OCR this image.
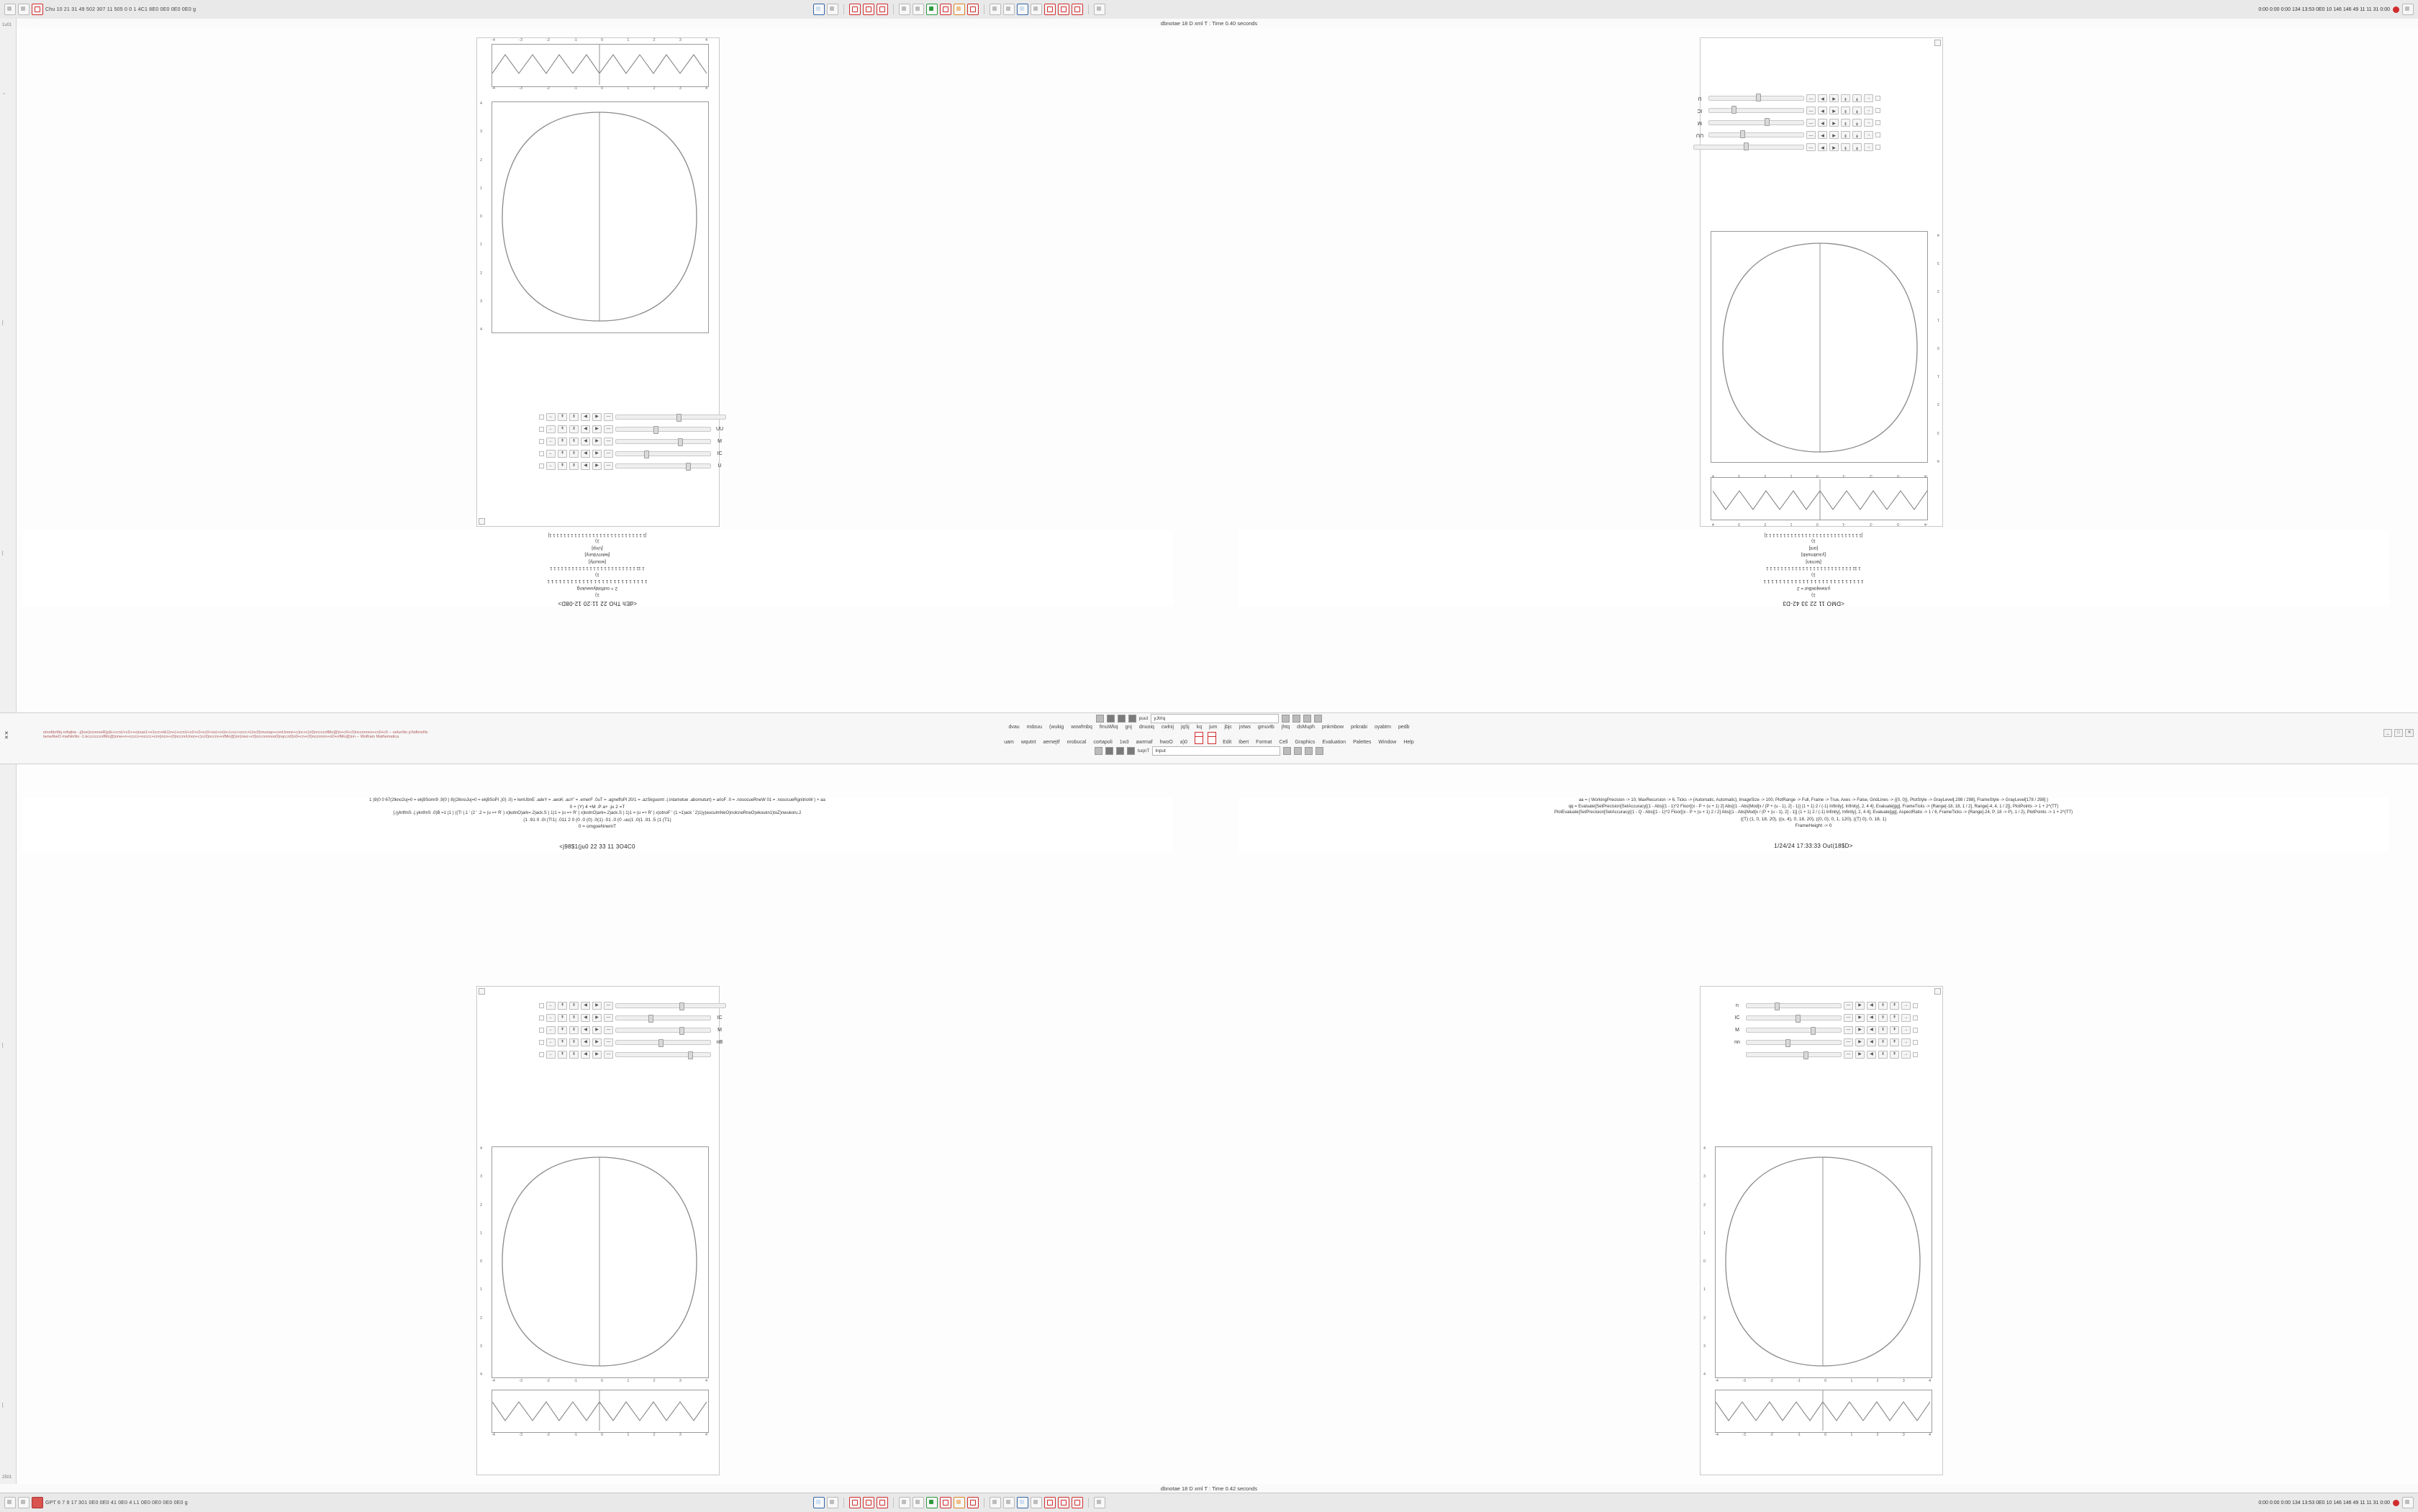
Chu 10 21 31 49 502 307 11 505 0 0 1 4C1 8E0 0E0 0E0 0E0 g	0:00 0:00 0:00 134 13:53 0E0 10 146 146 49 11 11 31 0:00
dbnotae 18 D xml T : Time 0.40 seconds
1u01
⌄
[
[
[
[
2501
-4	-3	-2	-1	0	1	2	3	4
-4	-3	-2	-1	0	1	2	3	4
4
3
2
1
0
1
2
3
4
←	⇞	⇟	◀	▶	—
←	⇞	⇟	◀	▶	—	UU
←	⇞	⇟	◀	▶	—	M
←	⇞	⇟	◀	▶	—	IC
←	⇞	⇟	◀	▶	—	U
-4
-3
-2
-1
0
1
2
3
4
-4
-3
-2
-1
0
1
2
3
4
4
3
2
1
0
1
2
3
4
←
⇞
⇟
◀
▶
—
←
⇞
⇟
◀
▶
—
UU
←
⇞
⇟
◀
▶
—
M
←
⇞
⇟
◀
▶
—
IC
←
⇞
⇟
◀
▶
—
U
<dEh ThO 22 11:20 12-08D>
1)
2 + outfoldyuwukng
1 1 1 1 1 1 1 1 1 1 1 1 1 1 1 1 1 1 1 1 1 1 1 1 1 1
1)
1 11 1 1 1 1 1 1 1 1 1 1 1 1 1 1 1 1 1 1 1 1 1 1 1 1
[wounty]
[lwknVduny]
[Unp]
1)
[1 1 1 1 1 1 1 1 1 1 1 1 1 1 1 1 1 1 1 1 1 1 1 1 1 1 1]
<DMO 11 22 33 42-D3
1)
y.kwwjokBut = 2
1 1 1 1 1 1 1 1 1 1 1 1 1 1 1 1 1 1 1 1 1 1 1 1 1 1
1)
1 11 1 1 1 1 1 1 1 1 1 1 1 1 1 1 1 1 1 1 1 1 1 1 1 1
[termin]
[y.kutlmukb]
[ont]
1)
[1 1 1 1 1 1 1 1 1 1 1 1 1 1 1 1 1 1 1 1 1 1 1 1 1 1 1]
puut	yJtrIq
dvau mdouu (wukig wowfmbq fmuWkq gnj dnuoiq cwlnij jqSj kq jum jbjc jntws gmuvtb jhtq dsMuph pnkmbow pnkrabi oyabtm pedb
✕	otnofdoMq orfwjbw -.j(koo)ccnnoeR)p)k+ccnU+c0++o)nuw1+n1ccn+kk1)n+(+ccnU+c0+c0+cc0+oo)+cn)n+(+cc+cncc+Unc0)nnunqo+cnnUnonn+c)nc+c)c0)nccccnfMo@)n+c0+c0)nccnnnno+cn0+c0 -- oeIunNo jcNdhnoNc	_	□	✕
✕	twnwNwO mwNmNn -1.kcccccccnfMo@)nnw+n+ccccc+ncccc+cnn)ncn+c0)nccnnUnon+c)cc0)nccnn+nfMo@)nn)nwc+c0)nccnnnnoo0)nqccn0)n0+cn+c0)nccnnnn+oO+nfMo@)nn -- Wolfram Mathematica
uam wqutnt aemejtf nrobucal cortapoli 1w3 awrmaf hwoO a)0	Edit Ibert Format Cell Graphics Evaluation Palettes Window Help
tuqnT	Input
1 )9(0 0 67(2lkno2uj=0 = ekj9Somr9 ,9(0 ) 8)(2lknoJuj=0 = ekj9SoPl ,)0) .0) = lwnUbnE .adeY = .aeoK .auY' = .emerF .0uT = .agneffoPl 20/1 = .azSkguomt .(.intamotue .abomuturt) = arioF .0 = .nosocueRneW 01 = .nosocueRgnitrioW ) + aa
0 + (Y) 4 +M .P a+ .ju 2 =T
[.(ylntfmS .(.yknfmS .0)B =1 (1 ) ((T! (.1 ' (2 ' .2 = (u =+ R' ) x)kotnO)ark=.2)ack.S ) 1)1 = (u =+ R' ) x)kotnO)ark=.2)ack.S ) 1)1 = (u =+ R' ) x)otnoF ' (1 =1)ack ' 2)1)y)euculmNeO)nolcneRneO)ekoukn1)toZ)nwukoru.2
(1 .91 0 .0l (T!1) .011 2 0 (0 .0 (0) .0(1) .01 .0 (0 .uu(1 .0(1 .91 .5 (1 (T1)
0 = omgoeNnemT
<j98$1(ju0 22 33 11 3O4C0
aa = ( WorkingPrecision -> 10, MaxRecursion -> 6, Ticks -> {Automatic, Automatic}, ImageSize -> 100, PlotRange -> Full, Frame -> True, Axes -> False, GridLines -> {{0, 0}}, PlotStyle -> GrayLevel[.298 / 298], FrameStyle -> GrayLevel[178 / 298] )
qq = Evaluate[SetPrecision[SetAccuracy[(1 - Abs[(1 - 1)^2 Floor[(x - P + (u + 1) 2] Abs[(1 - Abs[Mod[x / (P + (u - 1), 2] - 1)] (1 + 1) 2 / (-1) Infinity], Infinity], 2, 4 4], Evaluate[gg], FrameTicks -> {Range[-18, 18, 1 / 2], Range[-4, 4, 1 / 2]}, PlotPoints -> 1 + 2^(TT)
PlotEvaluate[SetPrecision[SetAccuracy[(1 - Q - Abs[(1 - 1)^2 Floor[(x - P + (u + 1) 2 / 2] Abs[(1 - Abs[Mod[x / (P + (u - 1), 2] - 1)] (1 + 1) 2 / (-1) Infinity], Infinity], 2, 4 4], Evaluate[gg], AspectRatio -> 1 / 6, FrameTicks -> {Range[-24, P, 18 -> P), 1 / 2}, PlotPoints -> 1 + 2^(TT)
{(T) (1, 0, 18, 20), ((u, 4), 0, 18, 20), ((0, 0), 0, 1, 120), ((T) 0), 0, 18, 1)
FrameHeight -> 0
1/24/24 17:33:33 Out(18$D>
←	⇞	⇟	◀	▶	—
←	⇞	⇟	◀	▶	—	IC
←	⇞	⇟	◀	▶	—	M
←	⇞	⇟	◀	▶	—	nB
←	⇞	⇟	◀	▶	—
4
3
2
1
0
1
2
3
4
-4	-3	-2	-1	0	1	2	3	4
-4	-3	-2	-1	0	1	2	3	4
n	—	▶	◀	⇟	⇞	→
IC	—	▶	◀	⇟	⇞	→
M	—	▶	◀	⇟	⇞	→
nn	—	▶	◀	⇟	⇞	→
—	▶	◀	⇟	⇞	→
4
3
2
1
0
1
2
3
4
-4	-3	-2	-1	0	1	2	3	4
-4	-3	-2	-1	0	1	2	3	4
dbnotae 18 D xml T : Time 0.42 seconds
GPT 6 7 9 17 301 0E0 0E0 41 0E0 4 L1 0E0 0E0 0E0 0E0 g	0:00 0:00 0:00 134 13:53 0E0 10 146 146 49 11 11 31 0:00
